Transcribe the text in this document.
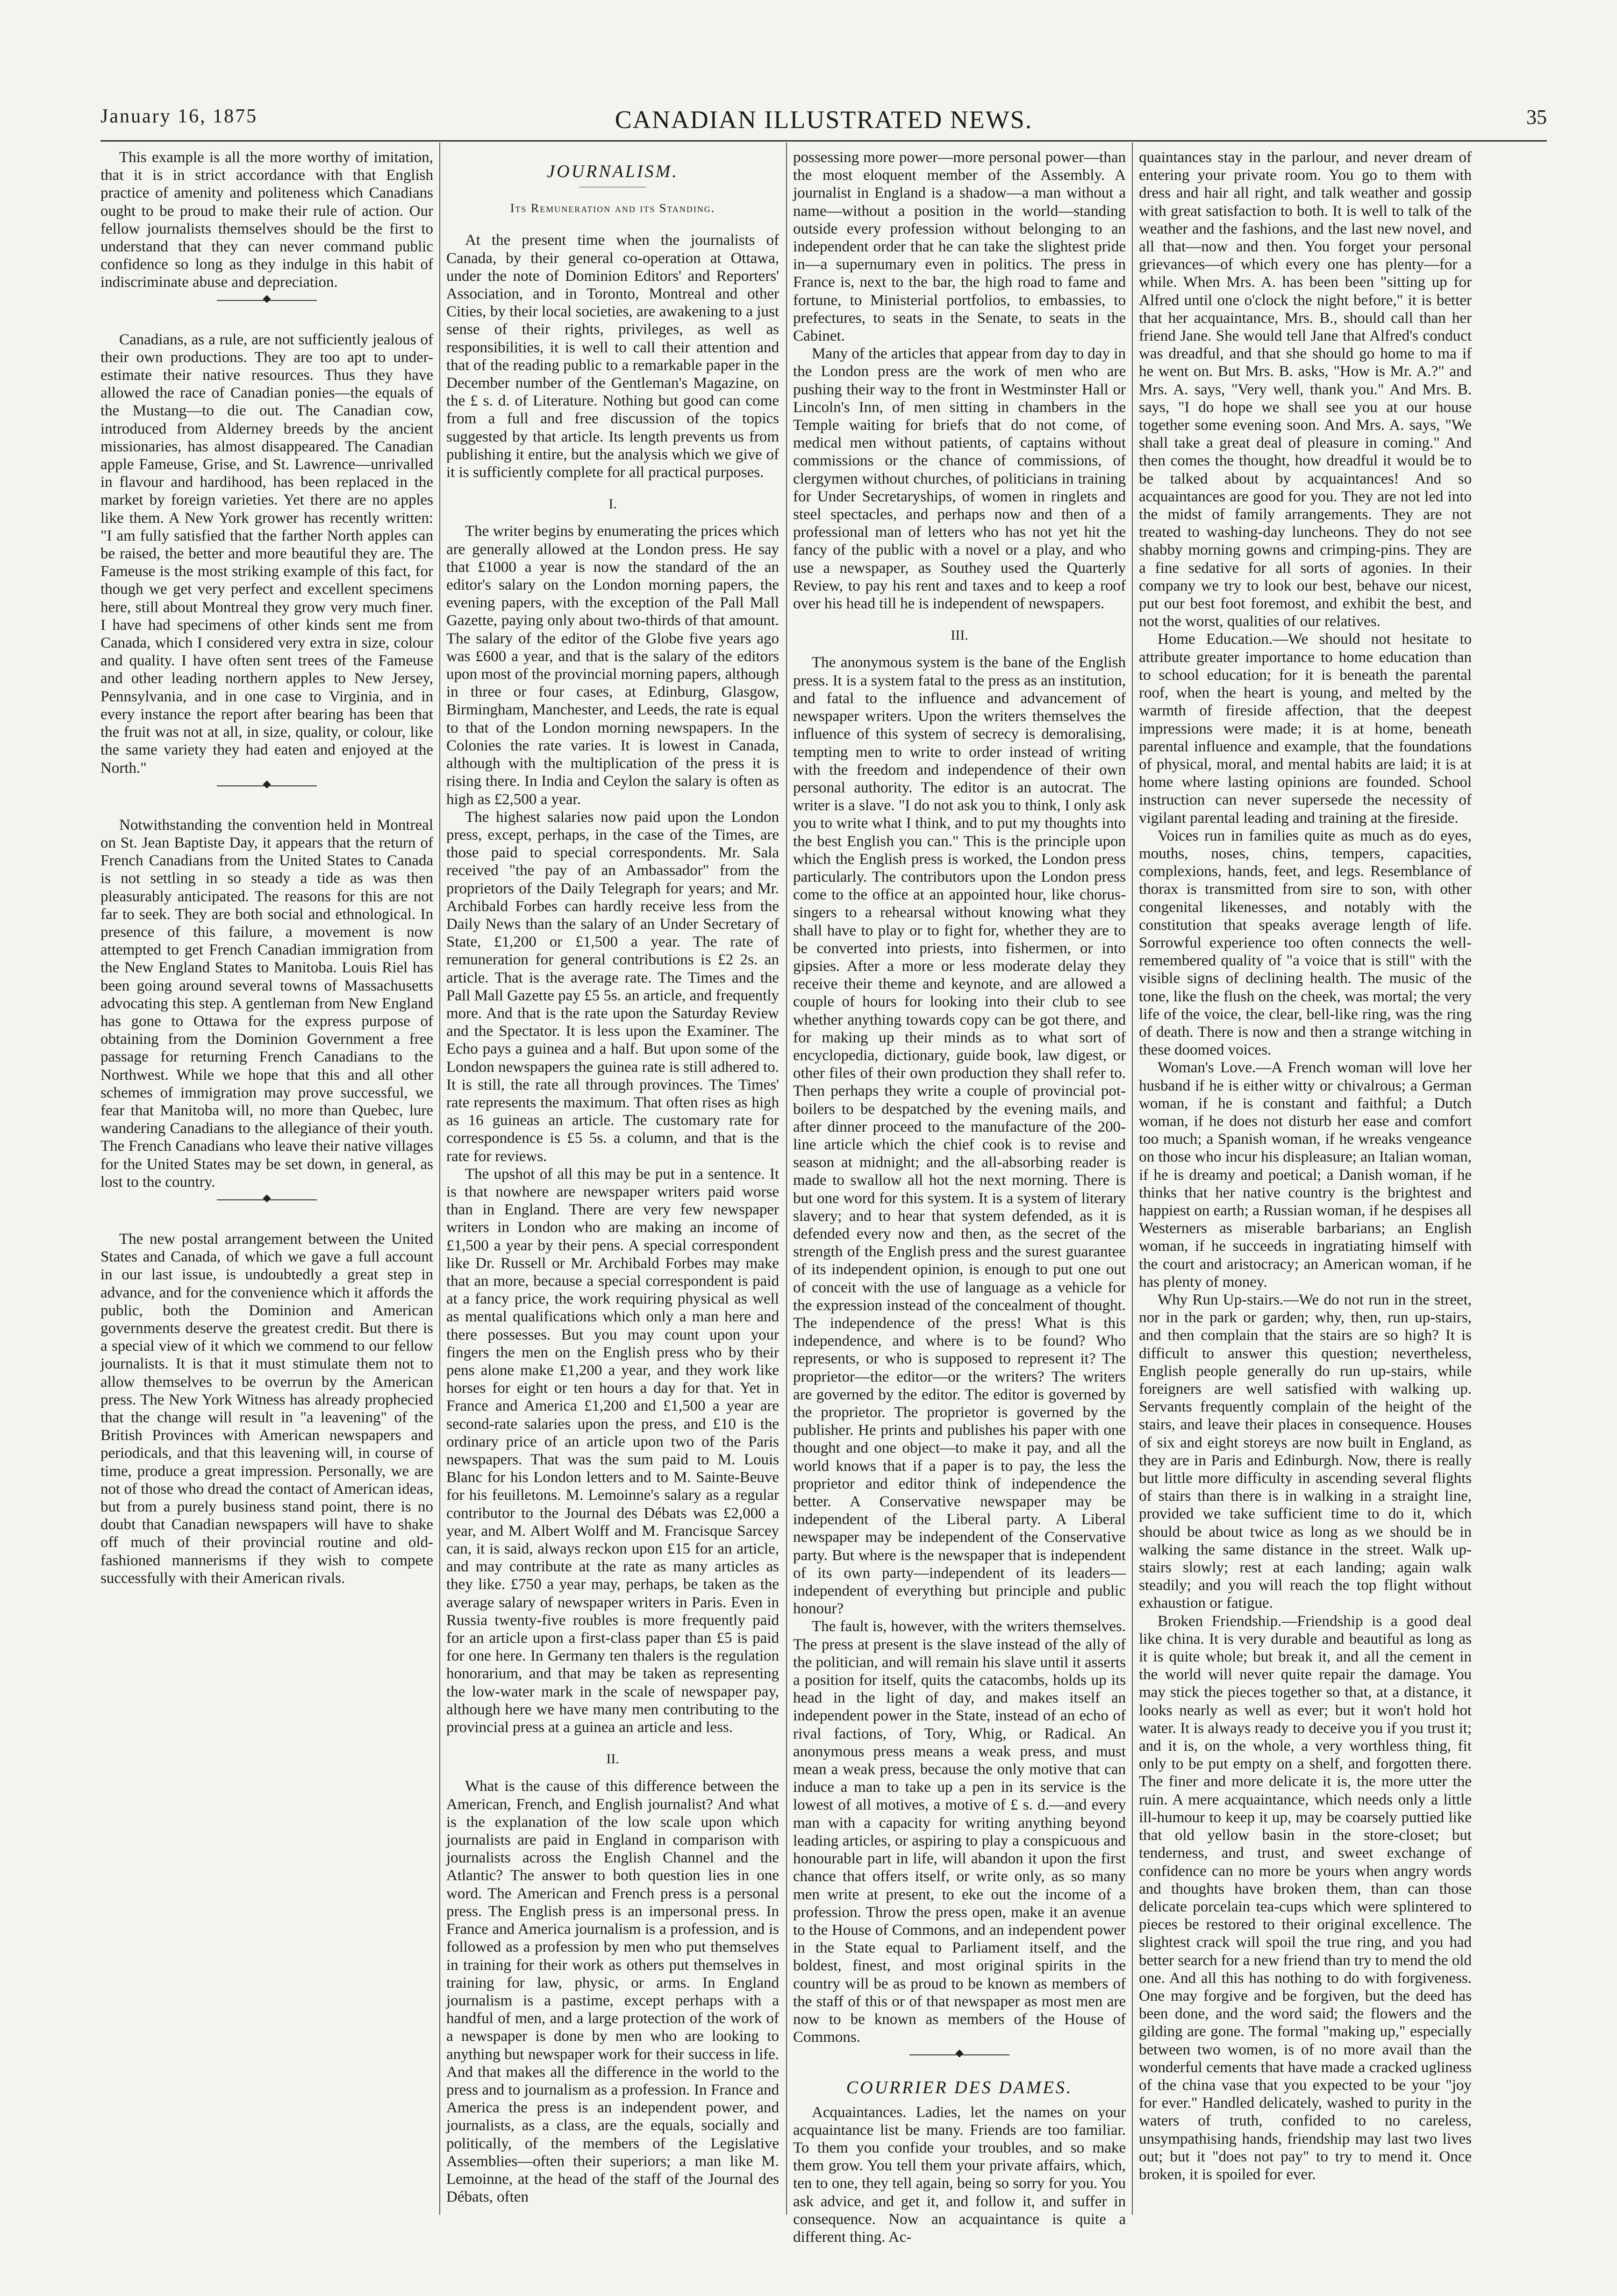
CANADIAN ILLUSTRATED NEWS.
January 16, 1875	35

This example is all the more worthy of imitation, that it is in strict accordance with that English practice of amenity and politeness which Canadians ought to be proud to make their rule of action. Our fellow journalists themselves should be the first to understand that they can never command public confidence so long as they indulge in this habit of indiscriminate abuse and depreciation.

Canadians, as a rule, are not sufficiently jealous of their own productions. They are too apt to under-estimate their native resources. Thus they have allowed the race of Canadian ponies—the equals of the Mustang—to die out. The Canadian cow, introduced from Alderney breeds by the ancient missionaries, has almost disappeared. The Canadian apple Fameuse, Grise, and St. Lawrence—unrivalled in flavour and hardihood, has been replaced in the market by foreign varieties. Yet there are no apples like them. A New York grower has recently written: "I am fully satisfied that the farther North apples can be raised, the better and more beautiful they are. The Fameuse is the most striking example of this fact, for though we get very perfect and excellent specimens here, still about Montreal they grow very much finer. I have had specimens of other kinds sent me from Canada, which I considered very extra in size, colour and quality. I have often sent trees of the Fameuse and other leading northern apples to New Jersey, Pennsylvania, and in one case to Virginia, and in every instance the report after bearing has been that the fruit was not at all, in size, quality, or colour, like the same variety they had eaten and enjoyed at the North."

Notwithstanding the convention held in Montreal on St. Jean Baptiste Day, it appears that the return of French Canadians from the United States to Canada is not settling in so steady a tide as was then pleasurably anticipated. The reasons for this are not far to seek. They are both social and ethnological. In presence of this failure, a movement is now attempted to get French Canadian immigration from the New England States to Manitoba. Louis Riel has been going around several towns of Massachusetts advocating this step. A gentleman from New England has gone to Ottawa for the express purpose of obtaining from the Dominion Government a free passage for returning French Canadians to the Northwest. While we hope that this and all other schemes of immigration may prove successful, we fear that Manitoba will, no more than Quebec, lure wandering Canadians to the allegiance of their youth. The French Canadians who leave their native villages for the United States may be set down, in general, as lost to the country.

The new postal arrangement between the United States and Canada, of which we gave a full account in our last issue, is undoubtedly a great step in advance, and for the convenience which it affords the public, both the Dominion and American governments deserve the greatest credit. But there is a special view of it which we commend to our fellow journalists. It is that it must stimulate them not to allow themselves to be overrun by the American press. The New York Witness has already prophecied that the change will result in "a leavening" of the British Provinces with American newspapers and periodicals, and that this leavening will, in course of time, produce a great impression. Personally, we are not of those who dread the contact of American ideas, but from a purely business stand point, there is no doubt that Canadian newspapers will have to shake off much of their provincial routine and old-fashioned mannerisms if they wish to compete successfully with their American rivals.

JOURNALISM.
Its Remuneration and its Standing.

At the present time when the journalists of Canada, by their general co-operation at Ottawa, under the note of Dominion Editors' and Reporters' Association, and in Toronto, Montreal and other Cities, by their local societies, are awakening to a just sense of their rights, privileges, as well as responsibilities, it is well to call their attention and that of the reading public to a remarkable paper in the December number of the Gentleman's Magazine, on the £ s. d. of Literature. Nothing but good can come from a full and free discussion of the topics suggested by that article. Its length prevents us from publishing it entire, but the analysis which we give of it is sufficiently complete for all practical purposes.

I.

The writer begins by enumerating the prices which are generally allowed at the London press. He say that £1000 a year is now the standard of the an editor's salary on the London morning papers, the evening papers, with the exception of the Pall Mall Gazette, paying only about two-thirds of that amount. The salary of the editor of the Globe five years ago was £600 a year, and that is the salary of the editors upon most of the provincial morning papers, although in three or four cases, at Edinburg, Glasgow, Birmingham, Manchester, and Leeds, the rate is equal to that of the London morning newspapers. In the Colonies the rate varies. It is lowest in Canada, although with the multiplication of the press it is rising there. In India and Ceylon the salary is often as high as £2,500 a year.

The highest salaries now paid upon the London press, except, perhaps, in the case of the Times, are those paid to special correspondents. Mr. Sala received "the pay of an Ambassador" from the proprietors of the Daily Telegraph for years; and Mr. Archibald Forbes can hardly receive less from the Daily News than the salary of an Under Secretary of State, £1,200 or £1,500 a year. The rate of remuneration for general contributions is £2 2s. an article. That is the average rate. The Times and the Pall Mall Gazette pay £5 5s. an article, and frequently more. And that is the rate upon the Saturday Review and the Spectator. It is less upon the Examiner. The Echo pays a guinea and a half. But upon some of the London newspapers the guinea rate is still adhered to. It is still, the rate all through provinces. The Times' rate represents the maximum. That often rises as high as 16 guineas an article. The customary rate for correspondence is £5 5s. a column, and that is the rate for reviews.

The upshot of all this may be put in a sentence. It is that nowhere are newspaper writers paid worse than in England. There are very few newspaper writers in London who are making an income of £1,500 a year by their pens. A special correspondent like Dr. Russell or Mr. Archibald Forbes may make that an more, because a special correspondent is paid at a fancy price, the work requiring physical as well as mental qualifications which only a man here and there possesses. But you may count upon your fingers the men on the English press who by their pens alone make £1,200 a year, and they work like horses for eight or ten hours a day for that. Yet in France and America £1,200 and £1,500 a year are second-rate salaries upon the press, and £10 is the ordinary price of an article upon two of the Paris newspapers. That was the sum paid to M. Louis Blanc for his London letters and to M. Sainte-Beuve for his feuilletons. M. Lemoinne's salary as a regular contributor to the Journal des Débats was £2,000 a year, and M. Albert Wolff and M. Francisque Sarcey can, it is said, always reckon upon £15 for an article, and may contribute at the rate as many articles as they like. £750 a year may, perhaps, be taken as the average salary of newspaper writers in Paris. Even in Russia twenty-five roubles is more frequently paid for an article upon a first-class paper than £5 is paid for one here. In Germany ten thalers is the regulation honorarium, and that may be taken as representing the low-water mark in the scale of newspaper pay, although here we have many men contributing to the provincial press at a guinea an article and less.

II.

What is the cause of this difference between the American, French, and English journalist? And what is the explanation of the low scale upon which journalists are paid in England in comparison with journalists across the English Channel and the Atlantic? The answer to both question lies in one word. The American and French press is a personal press. The English press is an impersonal press. In France and America journalism is a profession, and is followed as a profession by men who put themselves in training for their work as others put themselves in training for law, physic, or arms. In England journalism is a pastime, except perhaps with a handful of men, and a large protection of the work of a newspaper is done by men who are looking to anything but newspaper work for their success in life. And that makes all the difference in the world to the press and to journalism as a profession. In France and America the press is an independent power, and journalists, as a class, are the equals, socially and politically, of the members of the Legislative Assemblies—often their superiors; a man like M. Lemoinne, at the head of the staff of the Journal des Débats, often

possessing more power—more personal power—than the most eloquent member of the Assembly. A journalist in England is a shadow—a man without a name—without a position in the world—standing outside every profession without belonging to an independent order that he can take the slightest pride in—a supernumary even in politics. The press in France is, next to the bar, the high road to fame and fortune, to Ministerial portfolios, to embassies, to prefectures, to seats in the Senate, to seats in the Cabinet.

Many of the articles that appear from day to day in the London press are the work of men who are pushing their way to the front in Westminster Hall or Lincoln's Inn, of men sitting in chambers in the Temple waiting for briefs that do not come, of medical men without patients, of captains without commissions or the chance of commissions, of clergymen without churches, of politicians in training for Under Secretaryships, of women in ringlets and steel spectacles, and perhaps now and then of a professional man of letters who has not yet hit the fancy of the public with a novel or a play, and who use a newspaper, as Southey used the Quarterly Review, to pay his rent and taxes and to keep a roof over his head till he is independent of newspapers.

III.

The anonymous system is the bane of the English press. It is a system fatal to the press as an institution, and fatal to the influence and advancement of newspaper writers. Upon the writers themselves the influence of this system of secrecy is demoralising, tempting men to write to order instead of writing with the freedom and independence of their own personal authority. The editor is an autocrat. The writer is a slave. "I do not ask you to think, I only ask you to write what I think, and to put my thoughts into the best English you can." This is the principle upon which the English press is worked, the London press particularly. The contributors upon the London press come to the office at an appointed hour, like chorus-singers to a rehearsal without knowing what they shall have to play or to fight for, whether they are to be converted into priests, into fishermen, or into gipsies. After a more or less moderate delay they receive their theme and keynote, and are allowed a couple of hours for looking into their club to see whether anything towards copy can be got there, and for making up their minds as to what sort of encyclopedia, dictionary, guide book, law digest, or other files of their own production they shall refer to. Then perhaps they write a couple of provincial pot-boilers to be despatched by the evening mails, and after dinner proceed to the manufacture of the 200-line article which the chief cook is to revise and season at midnight; and the all-absorbing reader is made to swallow all hot the next morning. There is but one word for this system. It is a system of literary slavery; and to hear that system defended, as it is defended every now and then, as the secret of the strength of the English press and the surest guarantee of its independent opinion, is enough to put one out of conceit with the use of language as a vehicle for the expression instead of the concealment of thought. The independence of the press! What is this independence, and where is to be found? Who represents, or who is supposed to represent it? The proprietor—the editor—or the writers? The writers are governed by the editor. The editor is governed by the proprietor. The proprietor is governed by the publisher. He prints and publishes his paper with one thought and one object—to make it pay, and all the world knows that if a paper is to pay, the less the proprietor and editor think of independence the better. A Conservative newspaper may be independent of the Liberal party. A Liberal newspaper may be independent of the Conservative party. But where is the newspaper that is independent of its own party—independent of its leaders—independent of everything but principle and public honour?

The fault is, however, with the writers themselves. The press at present is the slave instead of the ally of the politician, and will remain his slave until it asserts a position for itself, quits the catacombs, holds up its head in the light of day, and makes itself an independent power in the State, instead of an echo of rival factions, of Tory, Whig, or Radical. An anonymous press means a weak press, and must mean a weak press, because the only motive that can induce a man to take up a pen in its service is the lowest of all motives, a motive of £ s. d.—and every man with a capacity for writing anything beyond leading articles, or aspiring to play a conspicuous and honourable part in life, will abandon it upon the first chance that offers itself, or write only, as so many men write at present, to eke out the income of a profession. Throw the press open, make it an avenue to the House of Commons, and an independent power in the State equal to Parliament itself, and the boldest, finest, and most original spirits in the country will be as proud to be known as members of the staff of this or of that newspaper as most men are now to be known as members of the House of Commons.

COURRIER DES DAMES.

Acquaintances. Ladies, let the names on your acquaintance list be many. Friends are too familiar. To them you confide your troubles, and so make them grow. You tell them your private affairs, which, ten to one, they tell again, being so sorry for you. You ask advice, and get it, and follow it, and suffer in consequence. Now an acquaintance is quite a different thing. Ac-

quaintances stay in the parlour, and never dream of entering your private room. You go to them with dress and hair all right, and talk weather and gossip with great satisfaction to both. It is well to talk of the weather and the fashions, and the last new novel, and all that—now and then. You forget your personal grievances—of which every one has plenty—for a while. When Mrs. A. has been been "sitting up for Alfred until one o'clock the night before," it is better that her acquaintance, Mrs. B., should call than her friend Jane. She would tell Jane that Alfred's conduct was dreadful, and that she should go home to ma if he went on. But Mrs. B. asks, "How is Mr. A.?" and Mrs. A. says, "Very well, thank you." And Mrs. B. says, "I do hope we shall see you at our house together some evening soon. And Mrs. A. says, "We shall take a great deal of pleasure in coming." And then comes the thought, how dreadful it would be to be talked about by acquaintances! And so acquaintances are good for you. They are not led into the midst of family arrangements. They are not treated to washing-day luncheons. They do not see shabby morning gowns and crimping-pins. They are a fine sedative for all sorts of agonies. In their company we try to look our best, behave our nicest, put our best foot foremost, and exhibit the best, and not the worst, qualities of our relatives.

Home Education.—We should not hesitate to attribute greater importance to home education than to school education; for it is beneath the parental roof, when the heart is young, and melted by the warmth of fireside affection, that the deepest impressions were made; it is at home, beneath parental influence and example, that the foundations of physical, moral, and mental habits are laid; it is at home where lasting opinions are founded. School instruction can never supersede the necessity of vigilant parental leading and training at the fireside.

Voices run in families quite as much as do eyes, mouths, noses, chins, tempers, capacities, complexions, hands, feet, and legs. Resemblance of thorax is transmitted from sire to son, with other congenital likenesses, and notably with the constitution that speaks average length of life. Sorrowful experience too often connects the well-remembered quality of "a voice that is still" with the visible signs of declining health. The music of the tone, like the flush on the cheek, was mortal; the very life of the voice, the clear, bell-like ring, was the ring of death. There is now and then a strange witching in these doomed voices.

Woman's Love.—A French woman will love her husband if he is either witty or chivalrous; a German woman, if he is constant and faithful; a Dutch woman, if he does not disturb her ease and comfort too much; a Spanish woman, if he wreaks vengeance on those who incur his displeasure; an Italian woman, if he is dreamy and poetical; a Danish woman, if he thinks that her native country is the brightest and happiest on earth; a Russian woman, if he despises all Westerners as miserable barbarians; an English woman, if he succeeds in ingratiating himself with the court and aristocracy; an American woman, if he has plenty of money.

Why Run Up-stairs.—We do not run in the street, nor in the park or garden; why, then, run up-stairs, and then complain that the stairs are so high? It is difficult to answer this question; nevertheless, English people generally do run up-stairs, while foreigners are well satisfied with walking up. Servants frequently complain of the height of the stairs, and leave their places in consequence. Houses of six and eight storeys are now built in England, as they are in Paris and Edinburgh. Now, there is really but little more difficulty in ascending several flights of stairs than there is in walking in a straight line, provided we take sufficient time to do it, which should be about twice as long as we should be in walking the same distance in the street. Walk up-stairs slowly; rest at each landing; again walk steadily; and you will reach the top flight without exhaustion or fatigue.

Broken Friendship.—Friendship is a good deal like china. It is very durable and beautiful as long as it is quite whole; but break it, and all the cement in the world will never quite repair the damage. You may stick the pieces together so that, at a distance, it looks nearly as well as ever; but it won't hold hot water. It is always ready to deceive you if you trust it; and it is, on the whole, a very worthless thing, fit only to be put empty on a shelf, and forgotten there. The finer and more delicate it is, the more utter the ruin. A mere acquaintance, which needs only a little ill-humour to keep it up, may be coarsely puttied like that old yellow basin in the store-closet; but tenderness, and trust, and sweet exchange of confidence can no more be yours when angry words and thoughts have broken them, than can those delicate porcelain tea-cups which were splintered to pieces be restored to their original excellence. The slightest crack will spoil the true ring, and you had better search for a new friend than try to mend the old one. And all this has nothing to do with forgiveness. One may forgive and be forgiven, but the deed has been done, and the word said; the flowers and the gilding are gone. The formal "making up," especially between two women, is of no more avail than the wonderful cements that have made a cracked ugliness of the china vase that you expected to be your "joy for ever." Handled delicately, washed to purity in the waters of truth, confided to no careless, unsympathising hands, friendship may last two lives out; but it "does not pay" to try to mend it. Once broken, it is spoiled for ever.
